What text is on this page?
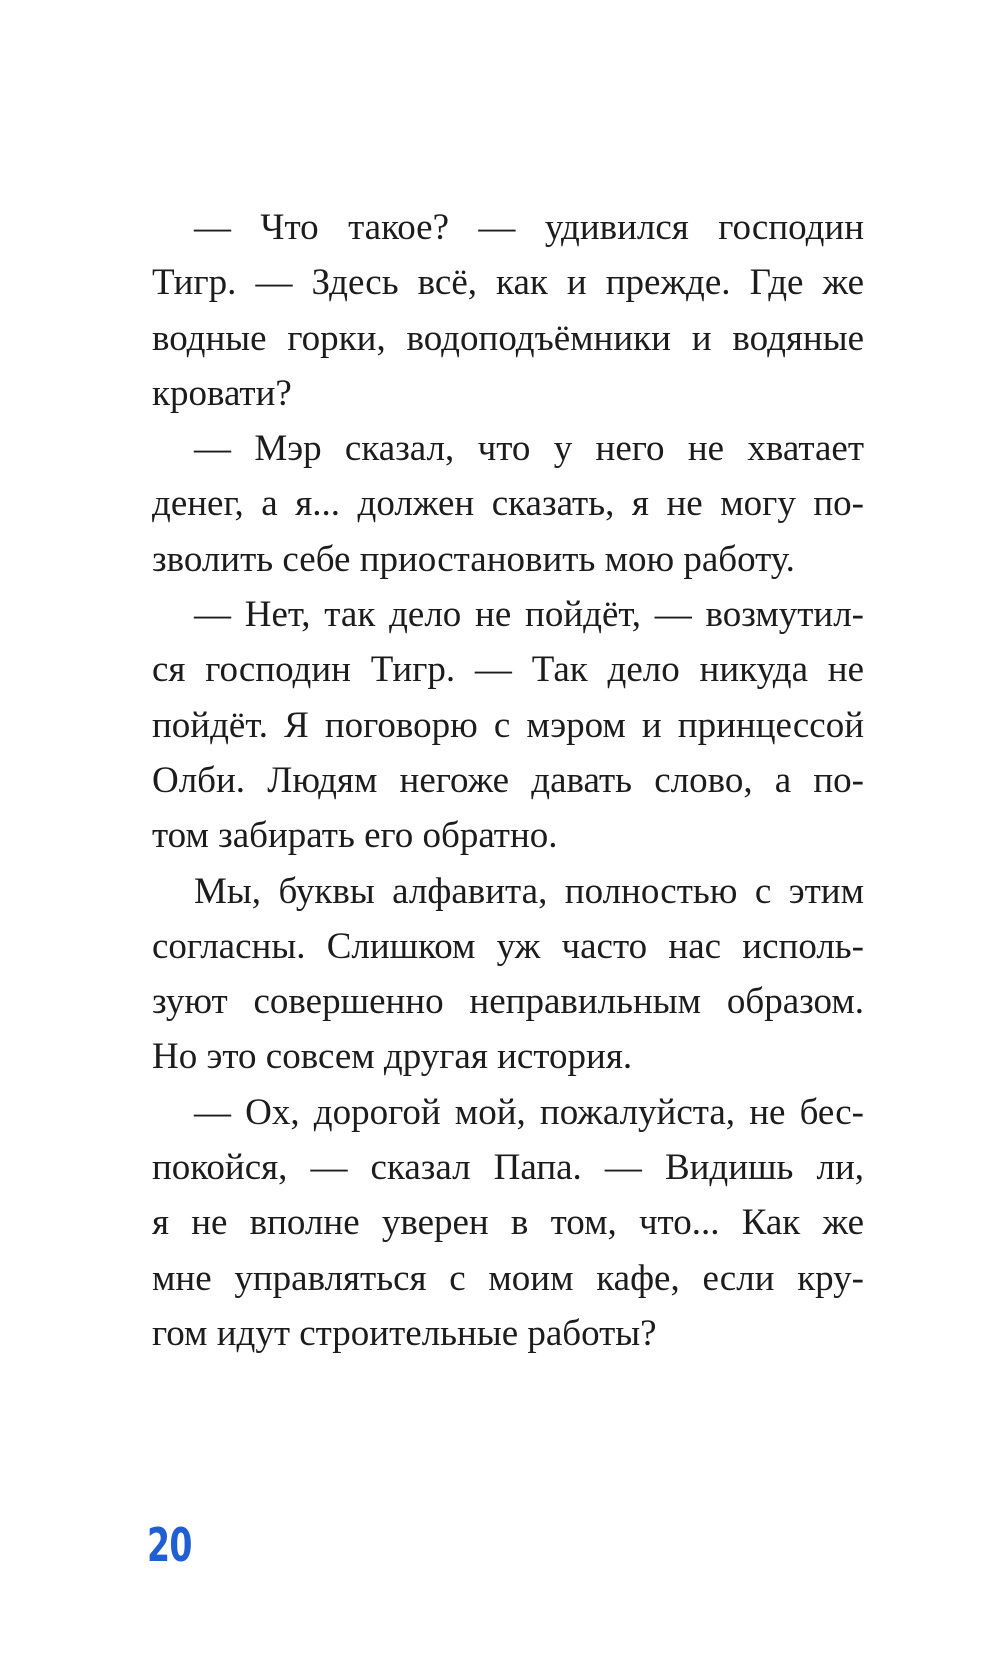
— Что такое? — удивился господин
Тигр. — Здесь всё, как и прежде. Где же
водные горки, водоподъёмники и водяные
кровати?
— Мэр сказал, что у него не хватает
денег, а я... должен сказать, я не могу по-
зволить себе приостановить мою работу.
— Нет, так дело не пойдёт, — возмутил-
ся господин Тигр. — Так дело никуда не
пойдёт. Я поговорю с мэром и принцессой
Олби. Людям негоже давать слово, а по-
том забирать его обратно.
Мы, буквы алфавита, полностью с этим
согласны. Слишком уж часто нас исполь-
зуют совершенно неправильным образом.
Но это совсем другая история.
— Ох, дорогой мой, пожалуйста, не бес-
покойся, — сказал Папа. — Видишь ли,
я не вполне уверен в том, что... Как же
мне управляться с моим кафе, если кру-
гом идут строительные работы?
20
